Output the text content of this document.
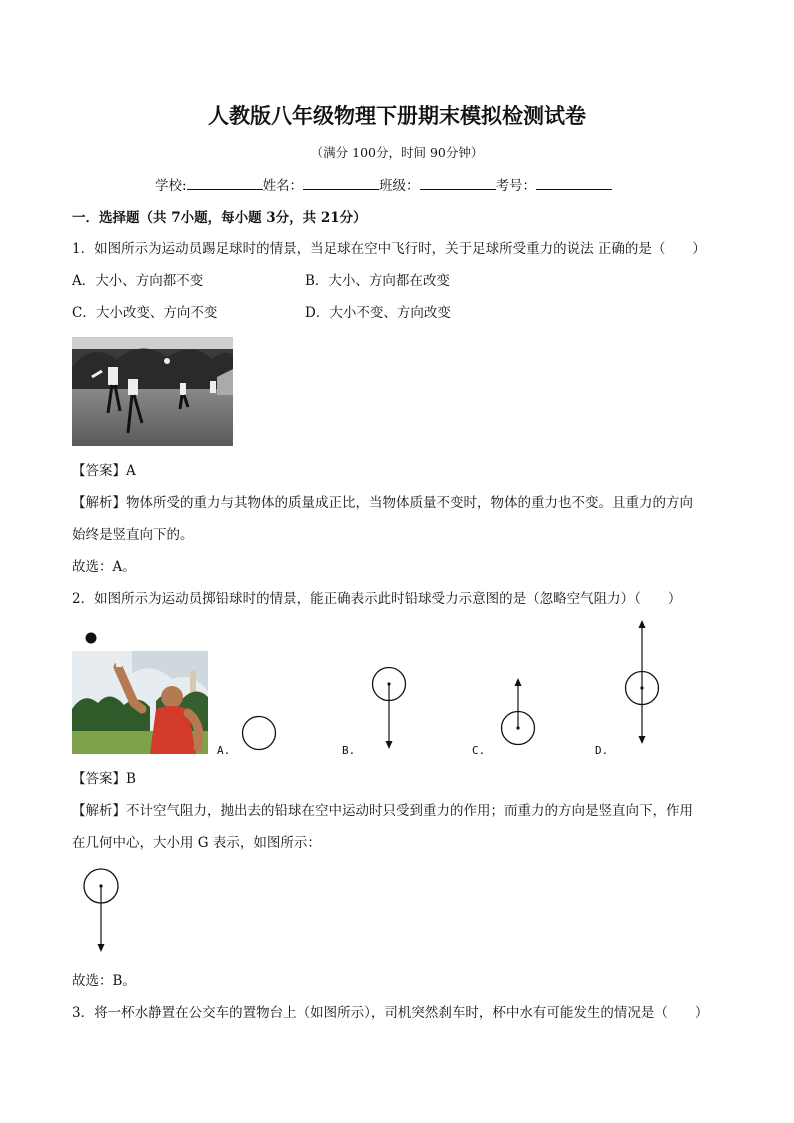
人教版八年级物理下册期末模拟检测试卷
（满分 100分，时间 90分钟）
学校:	姓名：	班级：	考号：
一．选择题（共 7小题，每小题 3分，共 21分）
1．如图所示为运动员踢足球时的情景，当足球在空中飞行时，关于足球所受重力的说法 正确的是（　　）
A．大小、方向都不变	B．大小、方向都在改变
C．大小改变、方向不变	D．大小不变、方向改变
【答案】A
【解析】物体所受的重力与其物体的质量成正比，当物体质量不变时，物体的重力也不变。且重力的方向
始终是竖直向下的。
故选：A。
2．如图所示为运动员掷铅球时的情景，能正确表示此时铅球受力示意图的是（忽略空气阻力）（　　）
A.	B.	C.	D.
【答案】B
【解析】不计空气阻力，抛出去的铅球在空中运动时只受到重力的作用；而重力的方向是竖直向下，作用
在几何中心，大小用 G 表示，如图所示：
故选：B。
3．将一杯水静置在公交车的置物台上（如图所示），司机突然刹车时，杯中水有可能发生的情况是（　　）
